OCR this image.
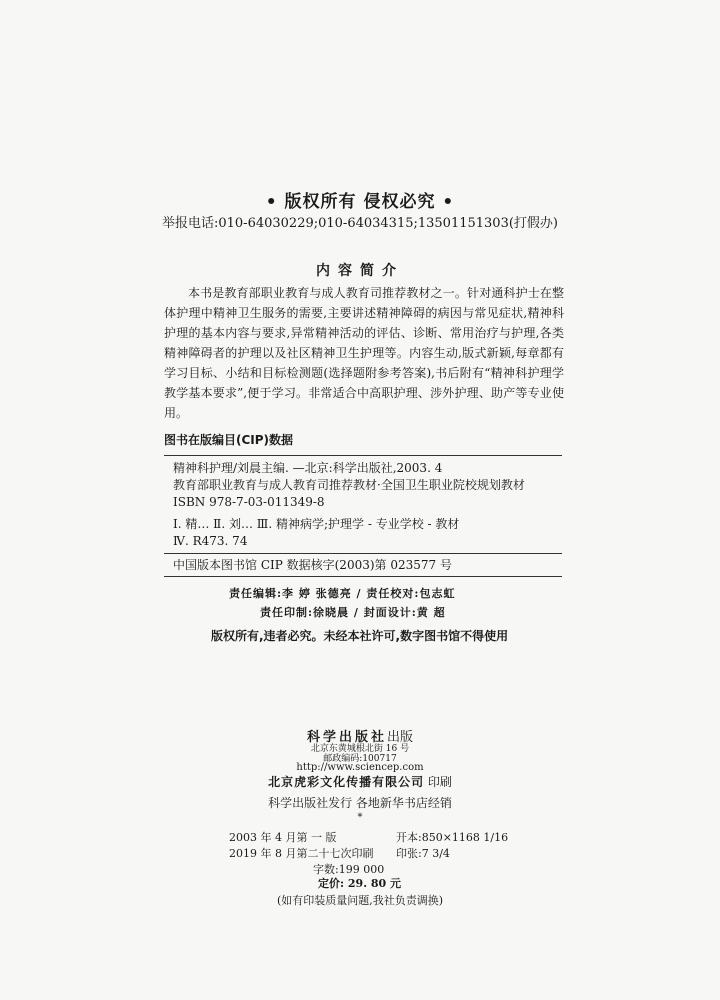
• 版权所有 侵权必究 •
举报电话:010-64030229;010-64034315;13501151303(打假办)
内容简介

本书是教育部职业教育与成人教育司推荐教材之一。针对通科护士在整体护理中精神卫生服务的需要,主要讲述精神障碍的病因与常见症状,精神科护理的基本内容与要求,异常精神活动的评估、诊断、常用治疗与护理,各类精神障碍者的护理以及社区精神卫生护理等。内容生动,版式新颖,每章都有学习目标、小结和目标检测题(选择题附参考答案),书后附有“精神科护理学教学基本要求”,便于学习。非常适合中高职护理、涉外护理、助产等专业使用。

图书在版编目(CIP)数据
精神科护理/刘晨主编. —北京:科学出版社,2003. 4
教育部职业教育与成人教育司推荐教材·全国卫生职业院校规划教材
ISBN 978-7-03-011349-8
Ⅰ. 精… Ⅱ. 刘… Ⅲ. 精神病学;护理学 - 专业学校 - 教材
Ⅳ. R473. 74
中国版本图书馆 CIP 数据核字(2003)第 023577 号
责任编辑:李 婷 张德亮 / 责任校对:包志虹
责任印制:徐晓晨 / 封面设计:黄 超
版权所有,违者必究。未经本社许可,数字图书馆不得使用
科学出版社出版
北京东黄城根北街 16 号
邮政编码:100717
http://www.sciencep.com
北京虎彩文化传播有限公司 印刷
科学出版社发行 各地新华书店经销
*
2003 年 4 月第 一 版	开本:850×1168 1/16
2019 年 8 月第二十七次印刷 印张:7 3/4
字数:199 000
定价: 29. 80 元
(如有印装质量问题,我社负责调换)
